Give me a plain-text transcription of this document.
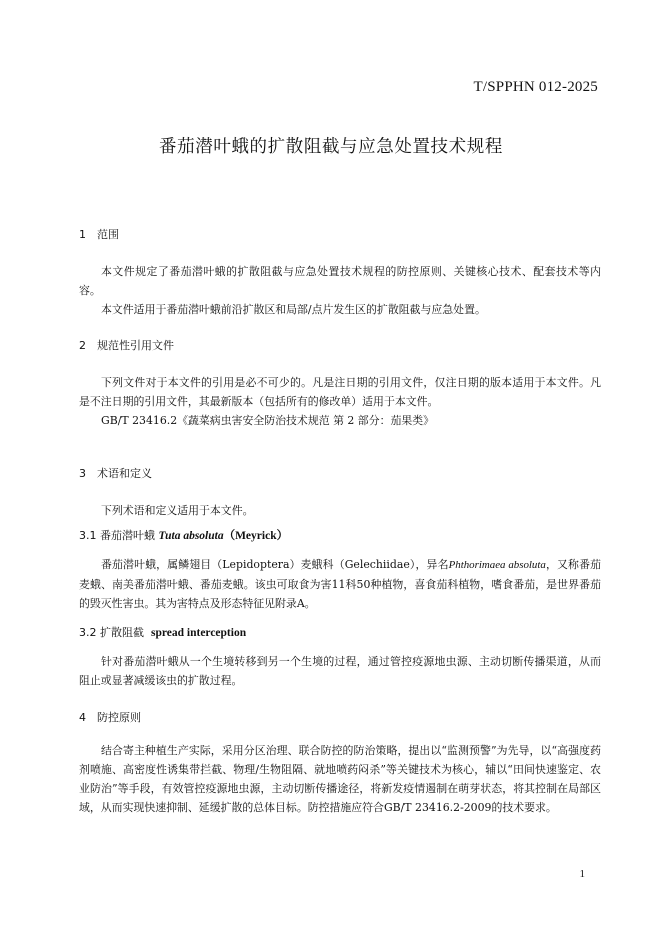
T/SPPHN 012-2025
番茄潜叶蛾的扩散阻截与应急处置技术规程
1 范围
本文件规定了番茄潜叶蛾的扩散阻截与应急处置技术规程的防控原则、关键核心技术、配套技术等内容。
本文件适用于番茄潜叶蛾前沿扩散区和局部/点片发生区的扩散阻截与应急处置。
2 规范性引用文件
下列文件对于本文件的引用是必不可少的。凡是注日期的引用文件，仅注日期的版本适用于本文件。凡是不注日期的引用文件，其最新版本（包括所有的修改单）适用于本文件。
GB/T 23416.2《蔬菜病虫害安全防治技术规范 第 2 部分：茄果类》
3 术语和定义
下列术语和定义适用于本文件。
3.1 番茄潜叶蛾 Tuta absoluta（Meyrick）
番茄潜叶蛾，属鳞翅目（Lepidoptera）麦蛾科（Gelechiidae），异名Phthorimaea absoluta，又称番茄麦蛾、南美番茄潜叶蛾、番茄麦蛾。该虫可取食为害11科50种植物，喜食茄科植物，嗜食番茄，是世界番茄的毁灭性害虫。其为害特点及形态特征见附录A。
3.2 扩散阻截 spread interception
针对番茄潜叶蛾从一个生境转移到另一个生境的过程，通过管控疫源地虫源、主动切断传播渠道，从而阻止或显著减缓该虫的扩散过程。
4 防控原则
结合寄主种植生产实际，采用分区治理、联合防控的防治策略，提出以“监测预警”为先导，以“高强度药剂喷施、高密度性诱集带拦截、物理/生物阻隔、就地喷药闷杀”等关键技术为核心，辅以“田间快速鉴定、农业防治”等手段，有效管控疫源地虫源，主动切断传播途径，将新发疫情遏制在萌芽状态，将其控制在局部区域，从而实现快速抑制、延缓扩散的总体目标。防控措施应符合GB/T 23416.2-2009的技术要求。
1
